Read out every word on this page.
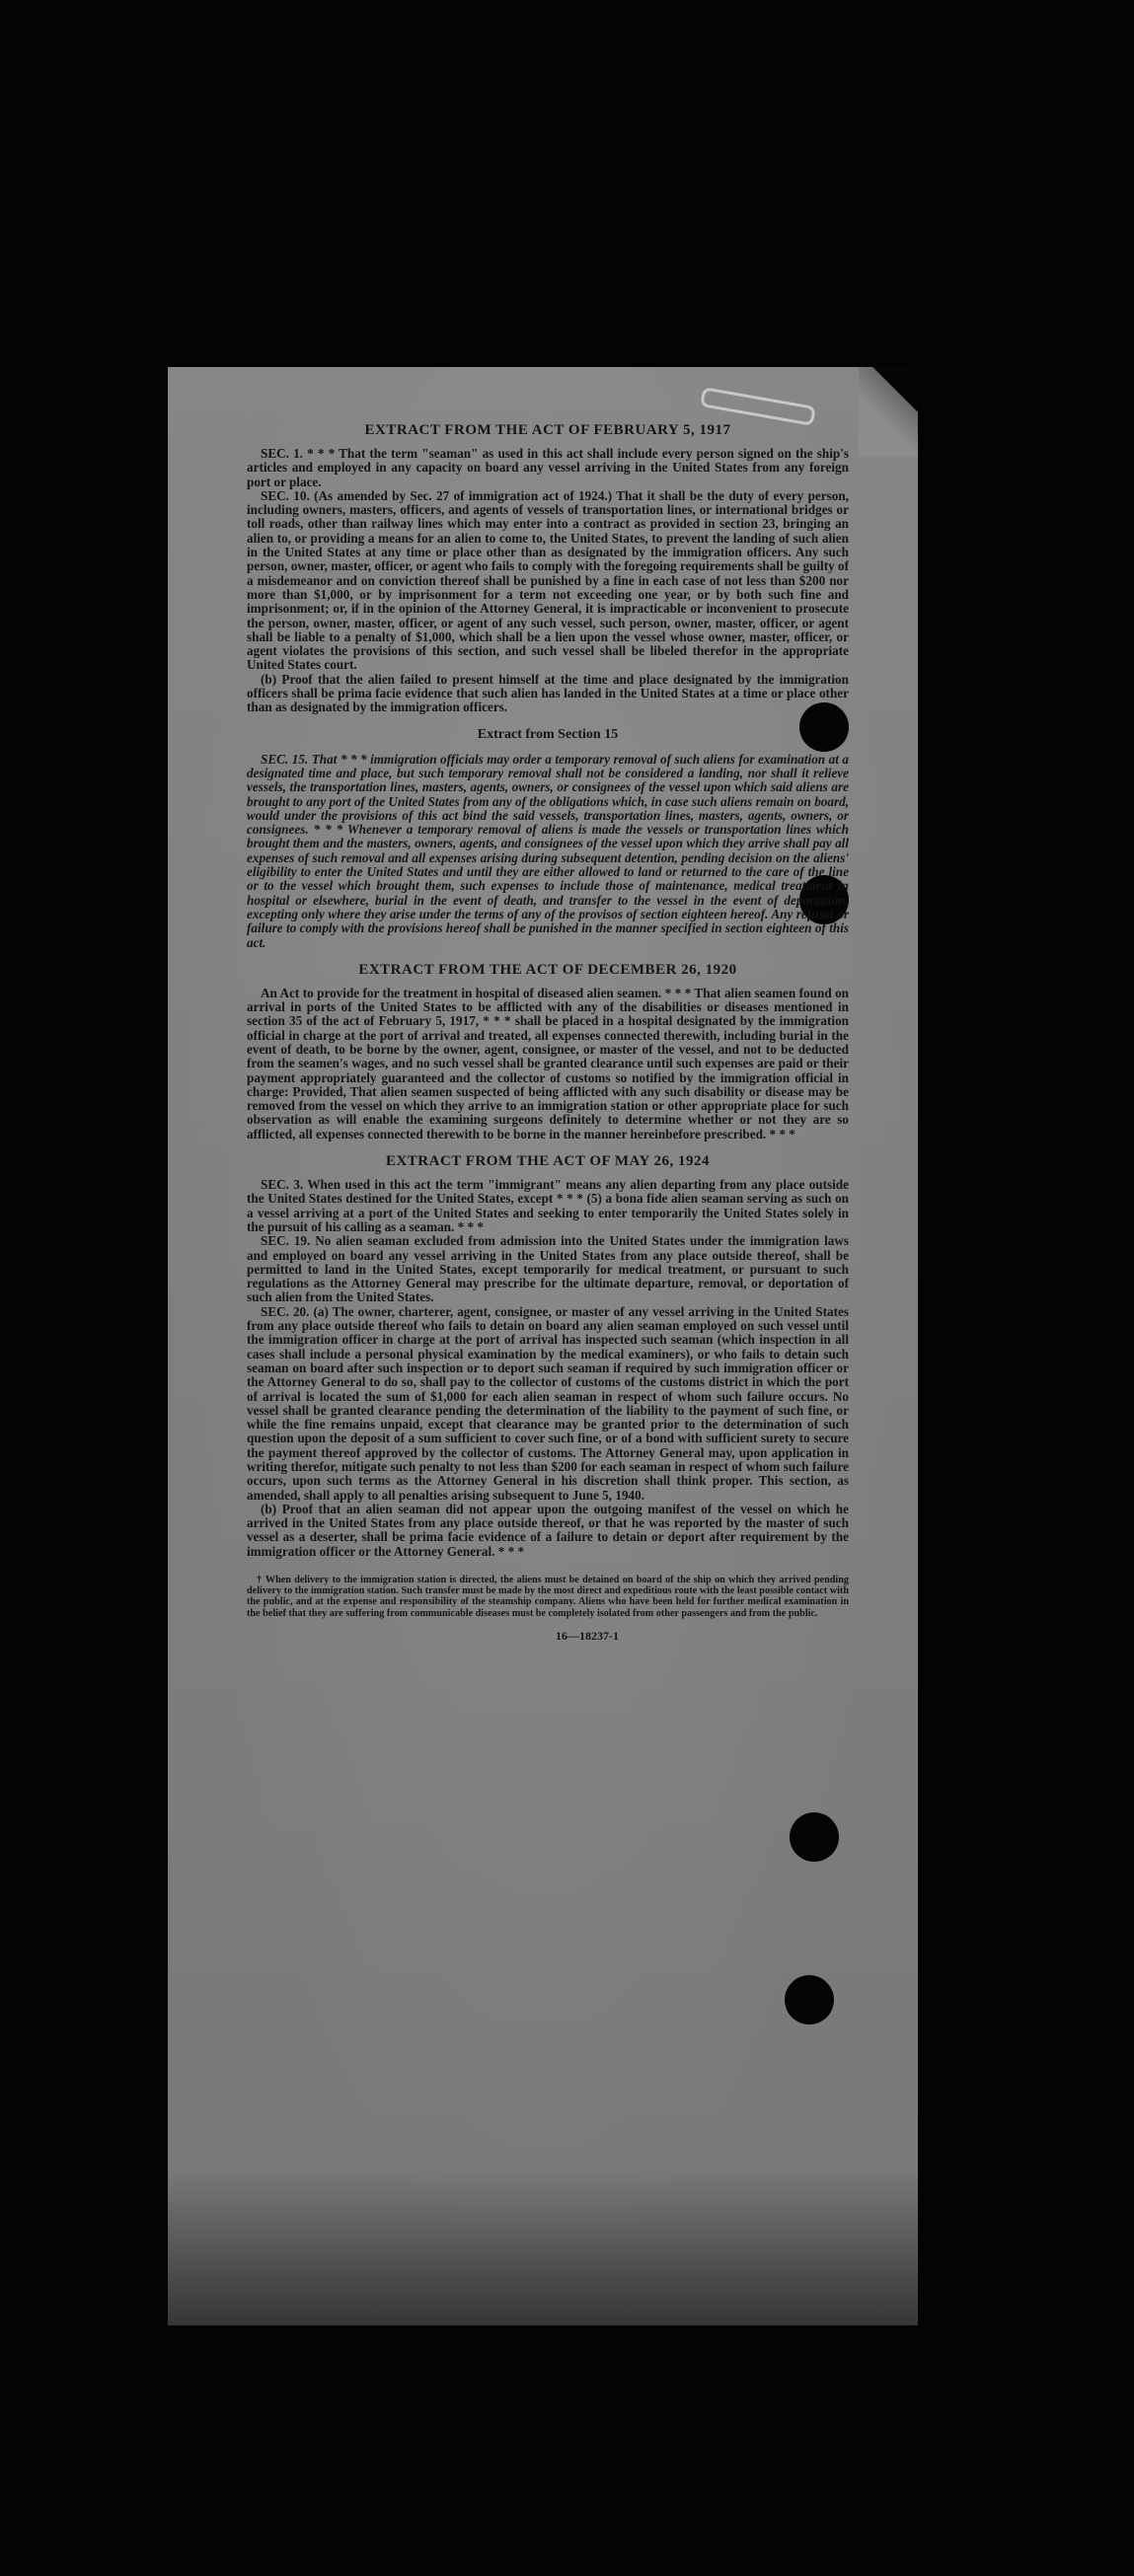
EXTRACT FROM THE ACT OF FEBRUARY 5, 1917

SEC. 1. * * * That the term "seaman" as used in this act shall include every person signed on the ship's articles and employed in any capacity on board any vessel arriving in the United States from any foreign port or place.

SEC. 10. (As amended by Sec. 27 of immigration act of 1924.) That it shall be the duty of every person, including owners, masters, officers, and agents of vessels of transportation lines, or international bridges or toll roads, other than railway lines which may enter into a contract as provided in section 23, bringing an alien to, or providing a means for an alien to come to, the United States, to prevent the landing of such alien in the United States at any time or place other than as designated by the immigration officers. Any such person, owner, master, officer, or agent who fails to comply with the foregoing requirements shall be guilty of a misdemeanor and on conviction thereof shall be punished by a fine in each case of not less than $200 nor more than $1,000, or by imprisonment for a term not exceeding one year, or by both such fine and imprisonment; or, if in the opinion of the Attorney General, it is impracticable or inconvenient to prosecute the person, owner, master, officer, or agent of any such vessel, such person, owner, master, officer, or agent shall be liable to a penalty of $1,000, which shall be a lien upon the vessel whose owner, master, officer, or agent violates the provisions of this section, and such vessel shall be libeled therefor in the appropriate United States court.

(b) Proof that the alien failed to present himself at the time and place designated by the immigration officers shall be prima facie evidence that such alien has landed in the United States at a time or place other than as designated by the immigration officers.

Extract from Section 15

SEC. 15. That * * * immigration officials may order a temporary removal of such aliens for examination at a designated time and place, but such temporary removal shall not be considered a landing, nor shall it relieve vessels, the transportation lines, masters, agents, owners, or consignees of the vessel upon which said aliens are brought to any port of the United States from any of the obligations which, in case such aliens remain on board, would under the provisions of this act bind the said vessels, transportation lines, masters, agents, owners, or consignees. * * * Whenever a temporary removal of aliens is made the vessels or transportation lines which brought them and the masters, owners, agents, and consignees of the vessel upon which they arrive shall pay all expenses of such removal and all expenses arising during subsequent detention, pending decision on the aliens' eligibility to enter the United States and until they are either allowed to land or returned to the care of the line or to the vessel which brought them, such expenses to include those of maintenance, medical treatment in hospital or elsewhere, burial in the event of death, and transfer to the vessel in the event of deportation, excepting only where they arise under the terms of any of the provisos of section eighteen hereof. Any refusal or failure to comply with the provisions hereof shall be punished in the manner specified in section eighteen of this act.

EXTRACT FROM THE ACT OF DECEMBER 26, 1920

An Act to provide for the treatment in hospital of diseased alien seamen. * * * That alien seamen found on arrival in ports of the United States to be afflicted with any of the disabilities or diseases mentioned in section 35 of the act of February 5, 1917, * * * shall be placed in a hospital designated by the immigration official in charge at the port of arrival and treated, all expenses connected therewith, including burial in the event of death, to be borne by the owner, agent, consignee, or master of the vessel, and not to be deducted from the seamen's wages, and no such vessel shall be granted clearance until such expenses are paid or their payment appropriately guaranteed and the collector of customs so notified by the immigration official in charge: Provided, That alien seamen suspected of being afflicted with any such disability or disease may be removed from the vessel on which they arrive to an immigration station or other appropriate place for such observation as will enable the examining surgeons definitely to determine whether or not they are so afflicted, all expenses connected therewith to be borne in the manner hereinbefore prescribed. * * *

EXTRACT FROM THE ACT OF MAY 26, 1924

SEC. 3. When used in this act the term "immigrant" means any alien departing from any place outside the United States destined for the United States, except * * * (5) a bona fide alien seaman serving as such on a vessel arriving at a port of the United States and seeking to enter temporarily the United States solely in the pursuit of his calling as a seaman. * * *

SEC. 19. No alien seaman excluded from admission into the United States under the immigration laws and employed on board any vessel arriving in the United States from any place outside thereof, shall be permitted to land in the United States, except temporarily for medical treatment, or pursuant to such regulations as the Attorney General may prescribe for the ultimate departure, removal, or deportation of such alien from the United States.

SEC. 20. (a) The owner, charterer, agent, consignee, or master of any vessel arriving in the United States from any place outside thereof who fails to detain on board any alien seaman employed on such vessel until the immigration officer in charge at the port of arrival has inspected such seaman (which inspection in all cases shall include a personal physical examination by the medical examiners), or who fails to detain such seaman on board after such inspection or to deport such seaman if required by such immigration officer or the Attorney General to do so, shall pay to the collector of customs of the customs district in which the port of arrival is located the sum of $1,000 for each alien seaman in respect of whom such failure occurs. No vessel shall be granted clearance pending the determination of the liability to the payment of such fine, or while the fine remains unpaid, except that clearance may be granted prior to the determination of such question upon the deposit of a sum sufficient to cover such fine, or of a bond with sufficient surety to secure the payment thereof approved by the collector of customs. The Attorney General may, upon application in writing therefor, mitigate such penalty to not less than $200 for each seaman in respect of whom such failure occurs, upon such terms as the Attorney General in his discretion shall think proper. This section, as amended, shall apply to all penalties arising subsequent to June 5, 1940.

(b) Proof that an alien seaman did not appear upon the outgoing manifest of the vessel on which he arrived in the United States from any place outside thereof, or that he was reported by the master of such vessel as a deserter, shall be prima facie evidence of a failure to detain or deport after requirement by the immigration officer or the Attorney General. * * *

† When delivery to the immigration station is directed, the aliens must be detained on board of the ship on which they arrived pending delivery to the immigration station. Such transfer must be made by the most direct and expeditious route with the least possible contact with the public, and at the expense and responsibility of the steamship company. Aliens who have been held for further medical examination in the belief that they are suffering from communicable diseases must be completely isolated from other passengers and from the public.

16—18237-1
